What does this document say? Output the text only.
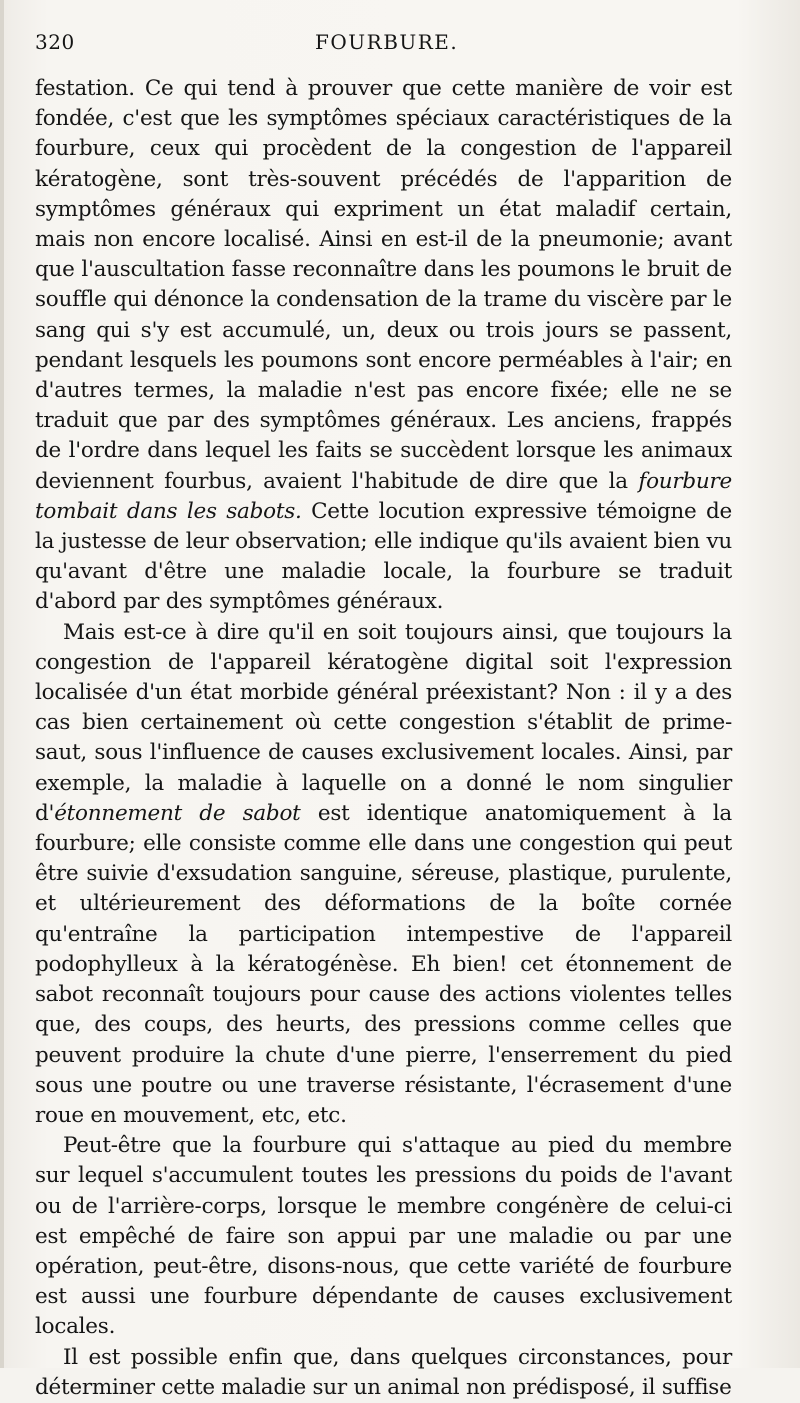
320	FOURBURE.

festation. Ce qui tend à prouver que cette manière de voir est fondée, c'est que les symptômes spéciaux caractéristiques de la fourbure, ceux qui procèdent de la congestion de l'appareil kératogène, sont très-souvent précédés de l'apparition de symptômes généraux qui expriment un état maladif certain, mais non encore localisé. Ainsi en est-il de la pneumonie; avant que l'auscultation fasse reconnaître dans les poumons le bruit de souffle qui dénonce la condensation de la trame du viscère par le sang qui s'y est accumulé, un, deux ou trois jours se passent, pendant lesquels les poumons sont encore perméables à l'air; en d'autres termes, la maladie n'est pas encore fixée; elle ne se traduit que par des symptômes généraux. Les anciens, frappés de l'ordre dans lequel les faits se succèdent lorsque les animaux deviennent fourbus, avaient l'habitude de dire que la fourbure tombait dans les sabots. Cette locution expressive témoigne de la justesse de leur observation; elle indique qu'ils avaient bien vu qu'avant d'être une maladie locale, la fourbure se traduit d'abord par des symptômes généraux.

Mais est-ce à dire qu'il en soit toujours ainsi, que toujours la congestion de l'appareil kératogène digital soit l'expression localisée d'un état morbide général préexistant? Non : il y a des cas bien certainement où cette congestion s'établit de prime-saut, sous l'influence de causes exclusivement locales. Ainsi, par exemple, la maladie à laquelle on a donné le nom singulier d'étonnement de sabot est identique anatomiquement à la fourbure; elle consiste comme elle dans une congestion qui peut être suivie d'exsudation sanguine, séreuse, plastique, purulente, et ultérieurement des déformations de la boîte cornée qu'entraîne la participation intempestive de l'appareil podophylleux à la kératogénèse. Eh bien! cet étonnement de sabot reconnaît toujours pour cause des actions violentes telles que, des coups, des heurts, des pressions comme celles que peuvent produire la chute d'une pierre, l'enserrement du pied sous une poutre ou une traverse résistante, l'écrasement d'une roue en mouvement, etc, etc.

Peut-être que la fourbure qui s'attaque au pied du membre sur lequel s'accumulent toutes les pressions du poids de l'avant ou de l'arrière-corps, lorsque le membre congénère de celui-ci est empêché de faire son appui par une maladie ou par une opération, peut-être, disons-nous, que cette variété de fourbure est aussi une fourbure dépendante de causes exclusivement locales.

Il est possible enfin que, dans quelques circonstances, pour déterminer cette maladie sur un animal non prédisposé, il suffise
